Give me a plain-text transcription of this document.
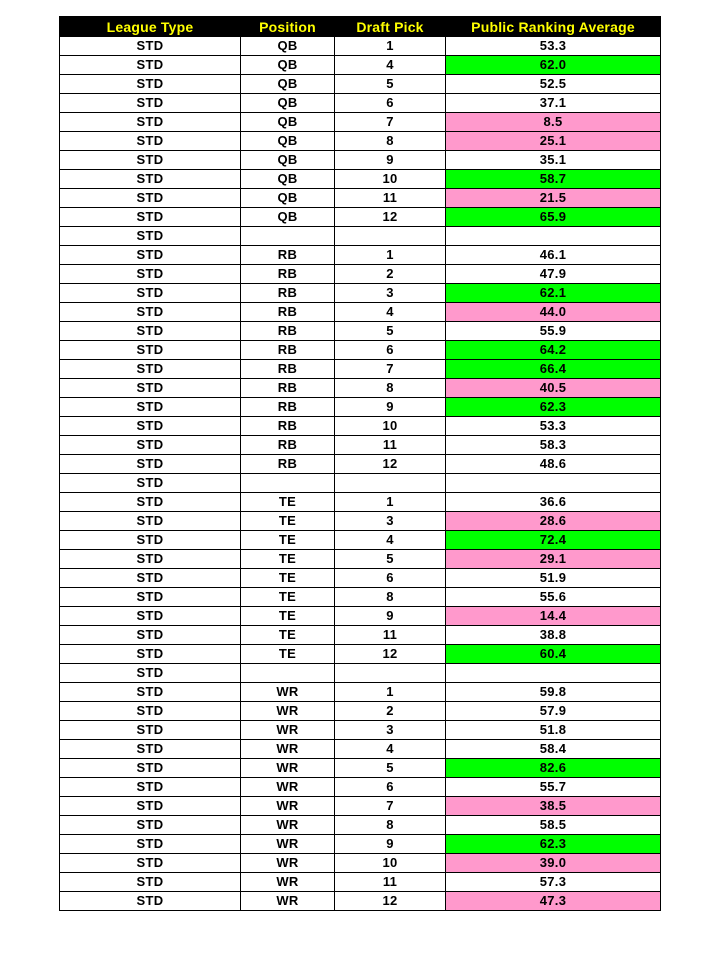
League Type	Position	Draft Pick	Public Ranking Average
STD	QB	1	53.3
STD	QB	4	62.0
STD	QB	5	52.5
STD	QB	6	37.1
STD	QB	7	8.5
STD	QB	8	25.1
STD	QB	9	35.1
STD	QB	10	58.7
STD	QB	11	21.5
STD	QB	12	65.9
STD			
STD	RB	1	46.1
STD	RB	2	47.9
STD	RB	3	62.1
STD	RB	4	44.0
STD	RB	5	55.9
STD	RB	6	64.2
STD	RB	7	66.4
STD	RB	8	40.5
STD	RB	9	62.3
STD	RB	10	53.3
STD	RB	11	58.3
STD	RB	12	48.6
STD			
STD	TE	1	36.6
STD	TE	3	28.6
STD	TE	4	72.4
STD	TE	5	29.1
STD	TE	6	51.9
STD	TE	8	55.6
STD	TE	9	14.4
STD	TE	11	38.8
STD	TE	12	60.4
STD			
STD	WR	1	59.8
STD	WR	2	57.9
STD	WR	3	51.8
STD	WR	4	58.4
STD	WR	5	82.6
STD	WR	6	55.7
STD	WR	7	38.5
STD	WR	8	58.5
STD	WR	9	62.3
STD	WR	10	39.0
STD	WR	11	57.3
STD	WR	12	47.3
